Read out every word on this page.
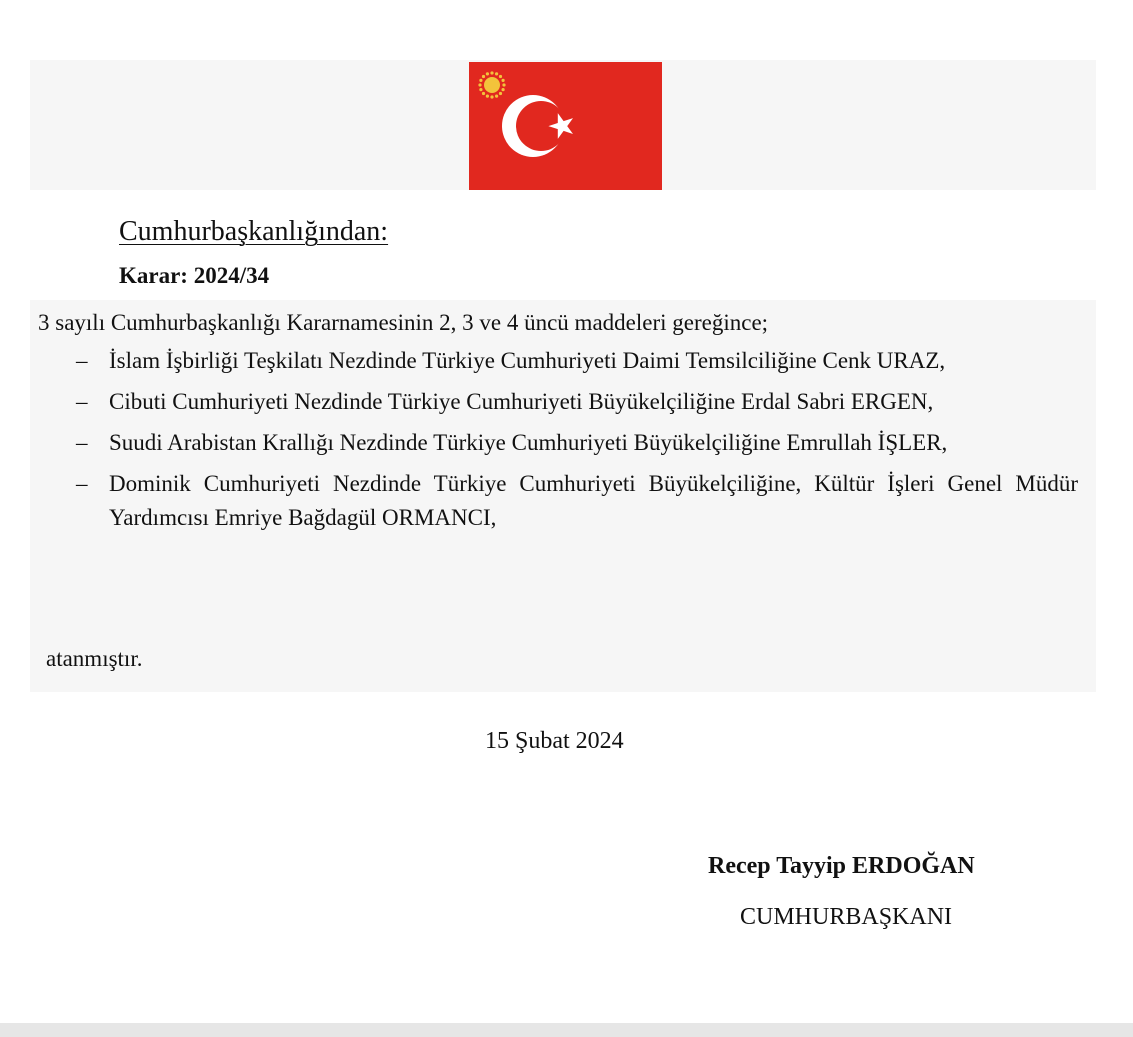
Cumhurbaşkanlığından:
Karar: 2024/34
3 sayılı Cumhurbaşkanlığı Kararnamesinin 2, 3 ve 4 üncü maddeleri gereğince;
– İslam İşbirliği Teşkilatı Nezdinde Türkiye Cumhuriyeti Daimi Temsilciliğine Cenk URAZ,
– Cibuti Cumhuriyeti Nezdinde Türkiye Cumhuriyeti Büyükelçiliğine Erdal Sabri ERGEN,
– Suudi Arabistan Krallığı Nezdinde Türkiye Cumhuriyeti Büyükelçiliğine Emrullah İŞLER,
– Dominik Cumhuriyeti Nezdinde Türkiye Cumhuriyeti Büyükelçiliğine, Kültür İşleri Genel Müdür Yardımcısı Emriye Bağdagül ORMANCI,
atanmıştır.
15 Şubat 2024
Recep Tayyip ERDOĞAN
CUMHURBAŞKANI
